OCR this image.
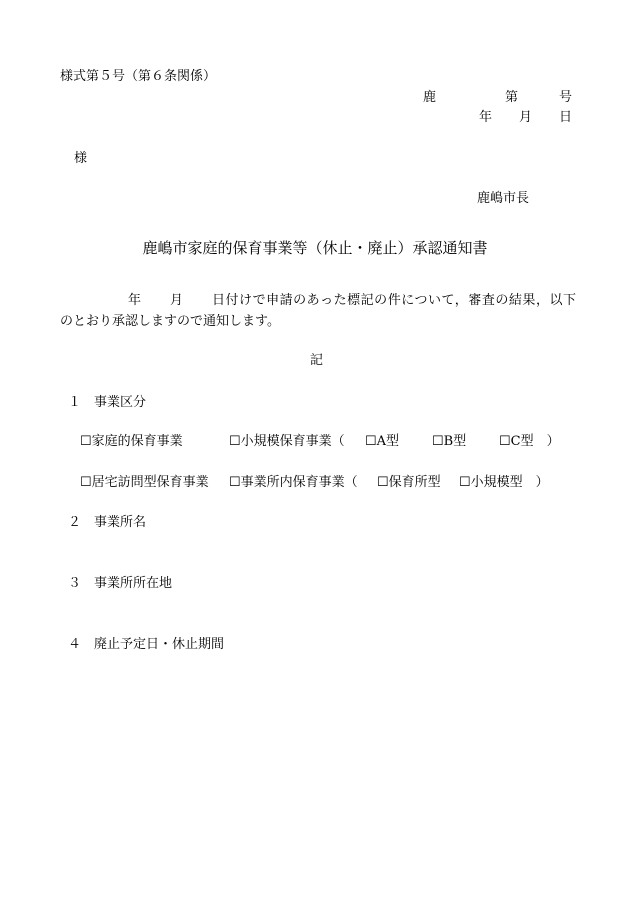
様式第５号（第６条関係）
鹿	第	号
年 月 日
様
鹿嶋市長
鹿嶋市家庭的保育事業等（休止・廃止）承認通知書
年 月 日付けで申請のあった標記の件について，審査の結果，以下
のとおり承認しますので通知します。
記
１ 事業区分
☐家庭的保育事業	☐小規模保育事業（ ☐A型	☐B型	☐C型　）
☐居宅訪問型保育事業 ☐事業所内保育事業（ ☐保育所型 ☐小規模型　）
２ 事業所名
３ 事業所所在地
４ 廃止予定日・休止期間
